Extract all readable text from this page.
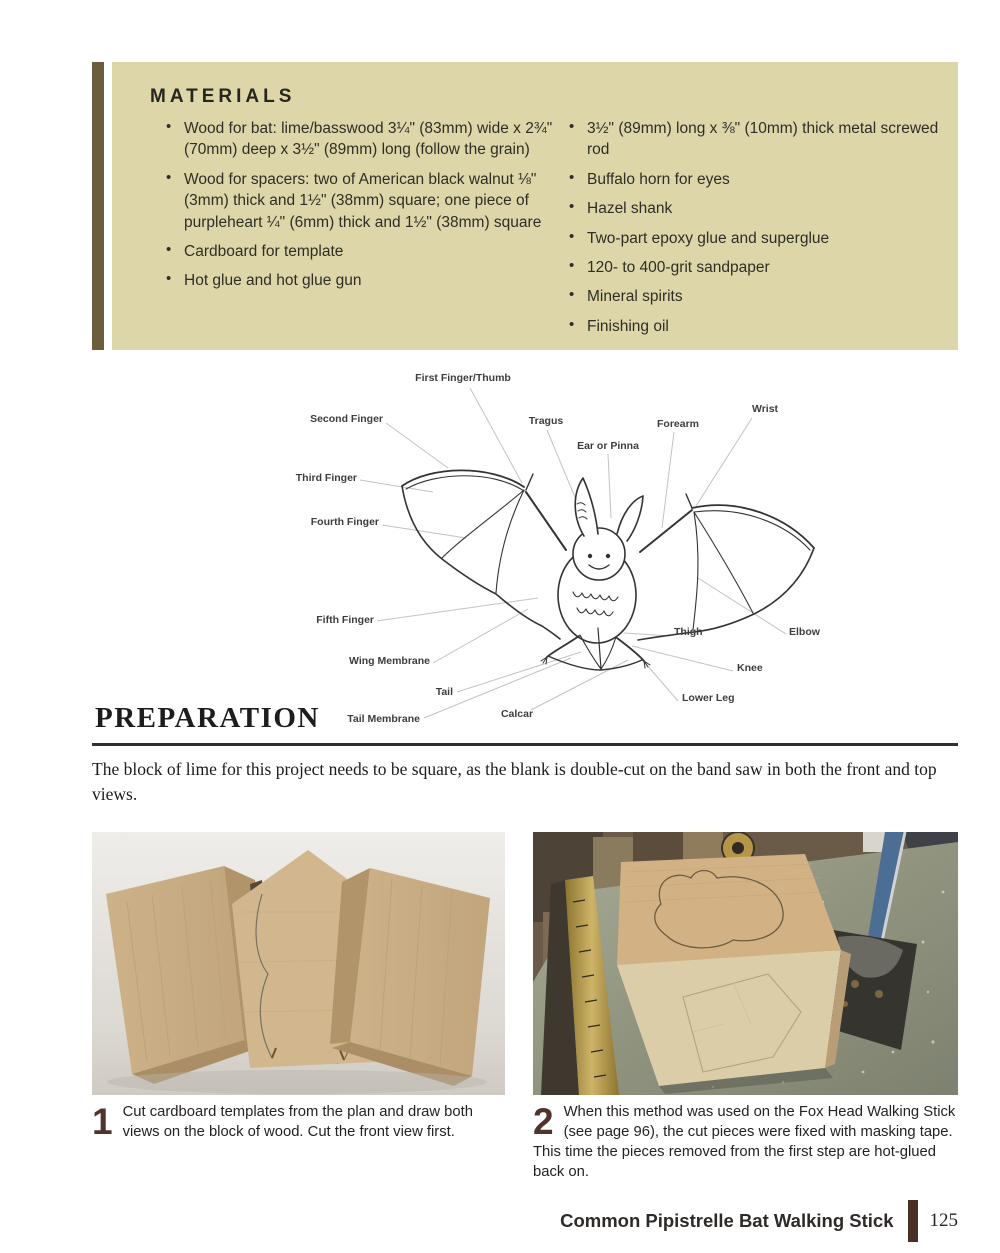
MATERIALS
• Wood for bat: lime/basswood 3¼" (83mm) wide x 2¾" (70mm) deep x 3½" (89mm) long (follow the grain)
• Wood for spacers: two of American black walnut ⅛" (3mm) thick and 1½" (38mm) square; one piece of purpleheart ¼" (6mm) thick and 1½" (38mm) square
• Cardboard for template
• Hot glue and hot glue gun
• 3½" (89mm) long x ⅜" (10mm) thick metal screwed rod
• Buffalo horn for eyes
• Hazel shank
• Two-part epoxy glue and superglue
• 120- to 400-grit sandpaper
• Mineral spirits
• Finishing oil
First Finger/Thumb
Second Finger	Tragus
Ear or Pinna
Forearm
Wrist
Third Finger
Fourth Finger
Fifth Finger
Wing Membrane
Tail
Tail Membrane	Calcar
Thigh	Elbow
Knee
Lower Leg
PREPARATION
The block of lime for this project needs to be square, as the blank is double-cut on the band saw in both the front and top views.
1 Cut cardboard templates from the plan and draw both views on the block of wood. Cut the front view first.	2 When this method was used on the Fox Head Walking Stick (see page 96), the cut pieces were fixed with masking tape. This time the pieces removed from the first step are hot-glued back on.
Common Pipistrelle Bat Walking Stick 125
